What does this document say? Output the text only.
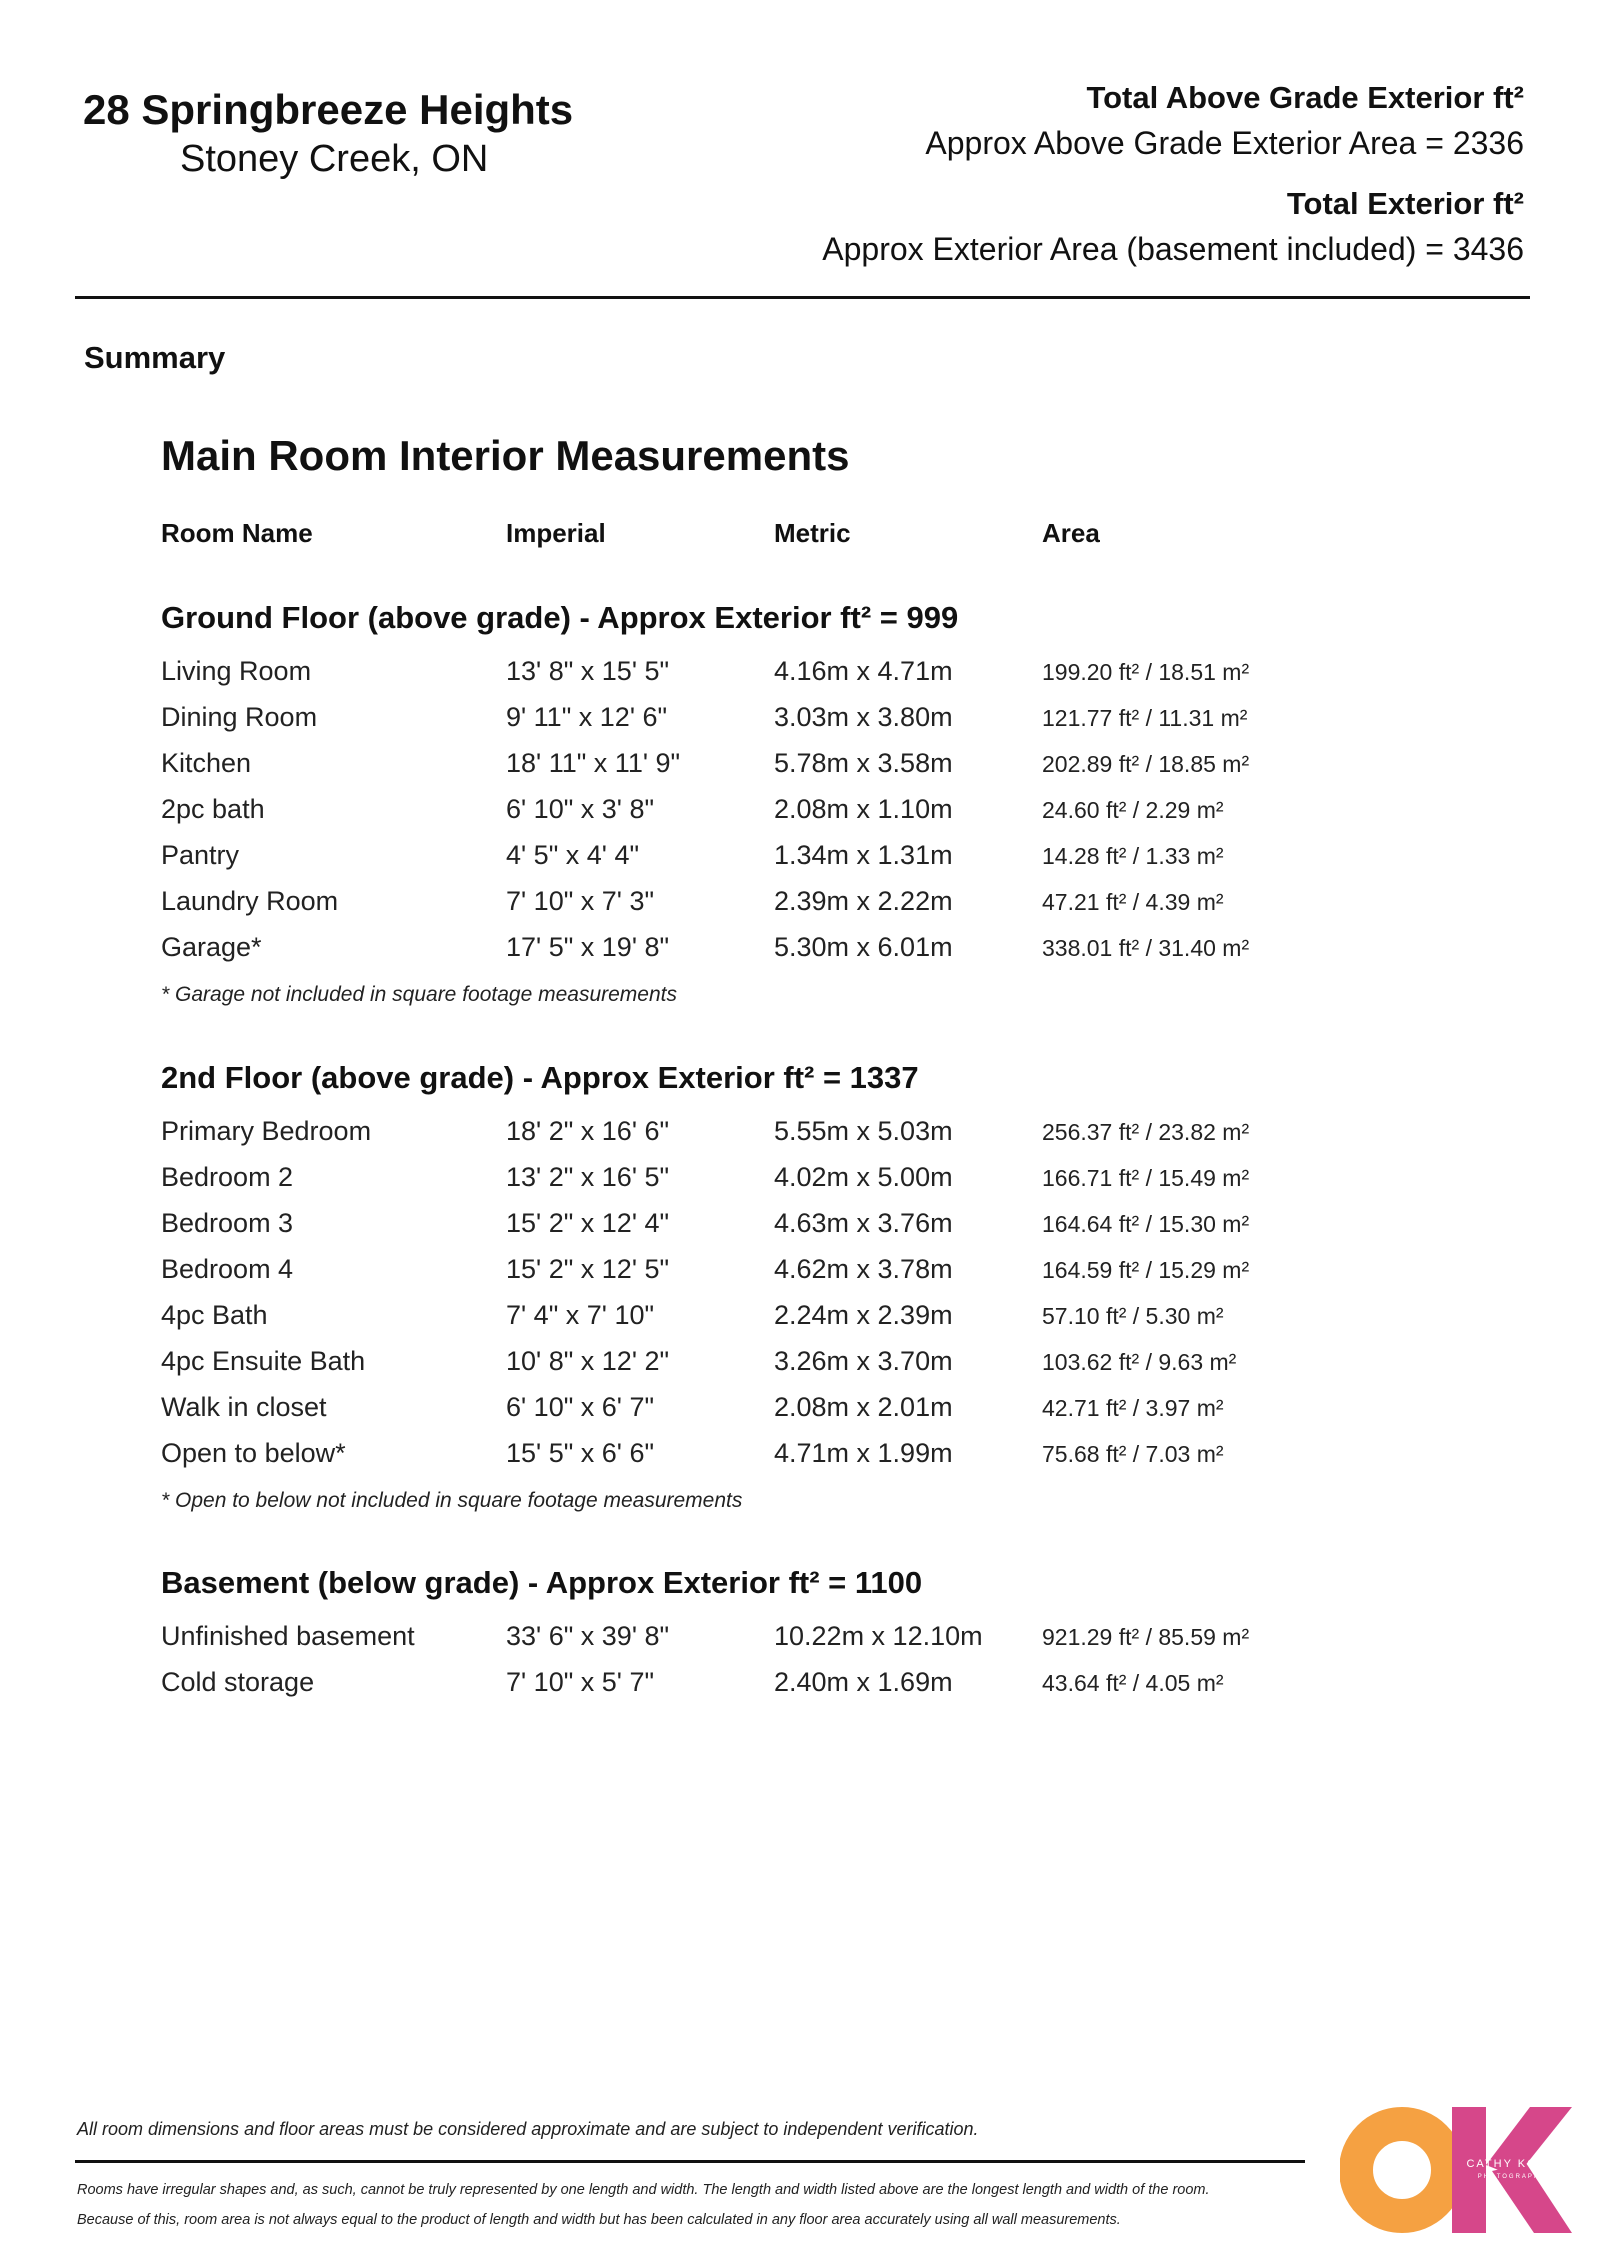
28 Springbreeze Heights
Stoney Creek, ON
Total Above Grade Exterior ft²
Approx Above Grade Exterior Area = 2336
Total Exterior ft²
Approx Exterior Area (basement included) = 3436
Summary
Main Room Interior Measurements
Room Name	Imperial	Metric	Area
Ground Floor (above grade) - Approx Exterior ft² = 999
Living Room	13' 8" x 15' 5"	4.16m x 4.71m	199.20 ft² / 18.51 m²
Dining Room	9' 11" x 12' 6"	3.03m x 3.80m	121.77 ft² / 11.31 m²
Kitchen	18' 11" x 11' 9"	5.78m x 3.58m	202.89 ft² / 18.85 m²
2pc bath	6' 10" x 3' 8"	2.08m x 1.10m	24.60 ft² / 2.29 m²
Pantry	4' 5" x 4' 4"	1.34m x 1.31m	14.28 ft² / 1.33 m²
Laundry Room	7' 10" x 7' 3"	2.39m x 2.22m	47.21 ft² / 4.39 m²
Garage*	17' 5" x 19' 8"	5.30m x 6.01m	338.01 ft² / 31.40 m²
* Garage not included in square footage measurements
2nd Floor (above grade) - Approx Exterior ft² = 1337
Primary Bedroom	18' 2" x 16' 6"	5.55m x 5.03m	256.37 ft² / 23.82 m²
Bedroom 2	13' 2" x 16' 5"	4.02m x 5.00m	166.71 ft² / 15.49 m²
Bedroom 3	15' 2" x 12' 4"	4.63m x 3.76m	164.64 ft² / 15.30 m²
Bedroom 4	15' 2" x 12' 5"	4.62m x 3.78m	164.59 ft² / 15.29 m²
4pc Bath	7' 4" x 7' 10"	2.24m x 2.39m	57.10 ft² / 5.30 m²
4pc Ensuite Bath	10' 8" x 12' 2"	3.26m x 3.70m	103.62 ft² / 9.63 m²
Walk in closet	6' 10" x 6' 7"	2.08m x 2.01m	42.71 ft² / 3.97 m²
Open to below*	15' 5" x 6' 6"	4.71m x 1.99m	75.68 ft² / 7.03 m²
* Open to below not included in square footage measurements
Basement (below grade) - Approx Exterior ft² = 1100
Unfinished basement	33' 6" x 39' 8"	10.22m x 12.10m	921.29 ft² / 85.59 m²
Cold storage	7' 10" x 5' 7"	2.40m x 1.69m	43.64 ft² / 4.05 m²
All room dimensions and floor areas must be considered approximate and are subject to independent verification.
Rooms have irregular shapes and, as such, cannot be truly represented by one length and width. The length and width listed above are the longest length and width of the room.
Because of this, room area is not always equal to the product of length and width but has been calculated in any floor area accurately using all wall measurements.
CATHY KOOP
PHOTOGRAPHY
